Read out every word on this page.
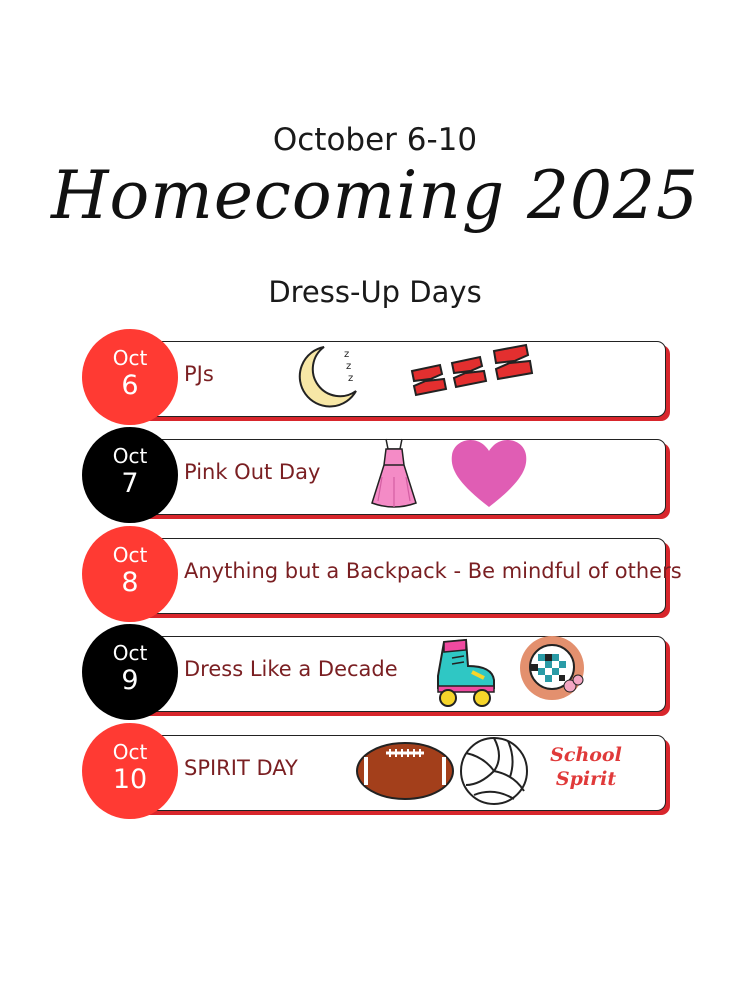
October 6-10
Homecoming 2025
Dress-Up Days
Oct
6	PJs
z
z
z
Oct
7	Pink Out Day
Oct
8	Anything but a Backpack - Be mindful of others
Oct
9	Dress Like a Decade
Oct
10	SPIRIT DAY
School Spirit
